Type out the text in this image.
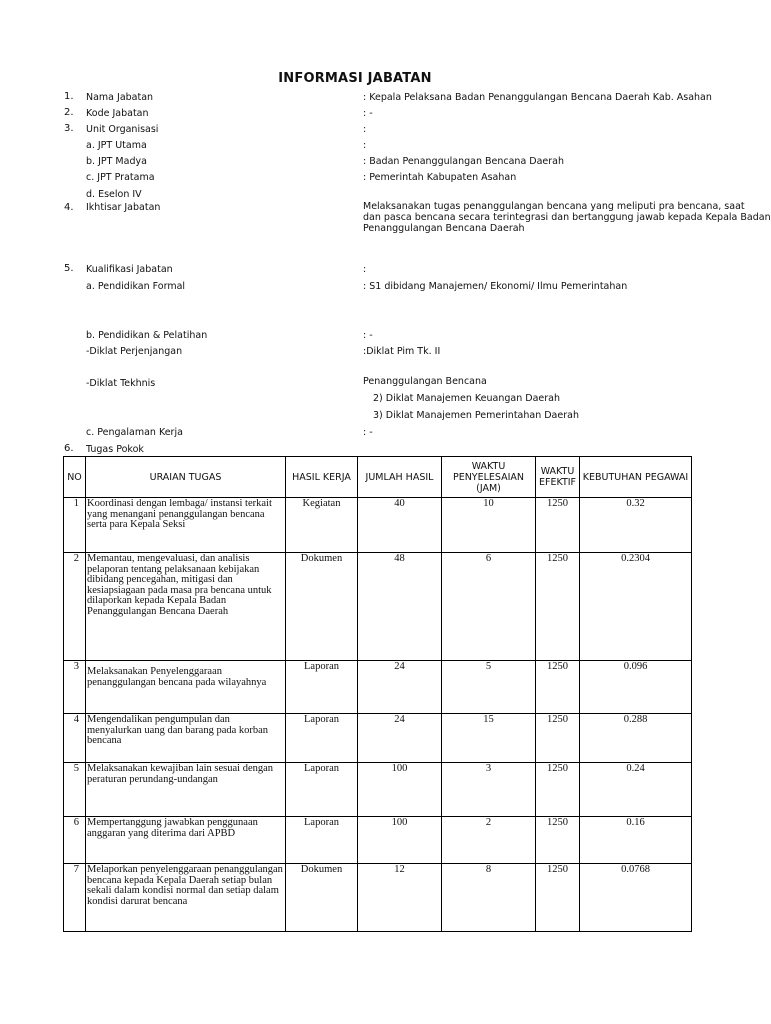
INFORMASI JABATAN
1. Nama Jabatan	: Kepala Pelaksana Badan Penanggulangan Bencana Daerah Kab. Asahan
2. Kode Jabatan	: -
3. Unit Organisasi	:
a. JPT Utama	:
b. JPT Madya	: Badan Penanggulangan Bencana Daerah
c. JPT Pratama	: Pemerintah Kabupaten Asahan
d. Eselon IV
4. Ikhtisar Jabatan	Melaksanakan tugas penanggulangan bencana yang meliputi pra bencana, saat
dan pasca bencana secara terintegrasi dan bertanggung jawab kepada Kepala Badan
Penanggulangan Bencana Daerah
5. Kualifikasi Jabatan	:
a. Pendidikan Formal	: S1 dibidang Manajemen/ Ekonomi/ Ilmu Pemerintahan
b. Pendidikan & Pelatihan	: -
-Diklat Perjenjangan	:Diklat Pim Tk. II
-Diklat Tekhnis	Penanggulangan Bencana
2) Diklat Manajemen Keuangan Daerah
3) Diklat Manajemen Pemerintahan Daerah
c. Pengalaman Kerja	: -
6. Tugas Pokok
NO	URAIAN TUGAS	HASIL KERJA	JUMLAH HASIL	WAKTU PENYELESAIAN (JAM)	WAKTU EFEKTIF	KEBUTUHAN PEGAWAI
1	Koordinasi dengan lembaga/ instansi terkait yang menangani penanggulangan bencana serta para Kepala Seksi	Kegiatan	40	10	1250	0.32
2	Memantau, mengevaluasi, dan analisis pelaporan tentang pelaksanaan kebijakan dibidang pencegahan, mitigasi dan kesiapsiagaan pada masa pra bencana untuk dilaporkan kepada Kepala Badan Penanggulangan Bencana Daerah	Dokumen	48	6	1250	0.2304
3	Melaksanakan Penyelenggaraan penanggulangan bencana pada wilayahnya	Laporan	24	5	1250	0.096
4	Mengendalikan pengumpulan dan menyalurkan uang dan barang pada korban bencana	Laporan	24	15	1250	0.288
5	Melaksanakan kewajiban lain sesuai dengan peraturan perundang-undangan	Laporan	100	3	1250	0.24
6	Mempertanggung jawabkan penggunaan anggaran yang diterima dari APBD	Laporan	100	2	1250	0.16
7	Melaporkan penyelenggaraan penanggulangan bencana kepada Kepala Daerah setiap bulan sekali dalam kondisi normal dan setiap dalam kondisi darurat bencana	Dokumen	12	8	1250	0.0768
